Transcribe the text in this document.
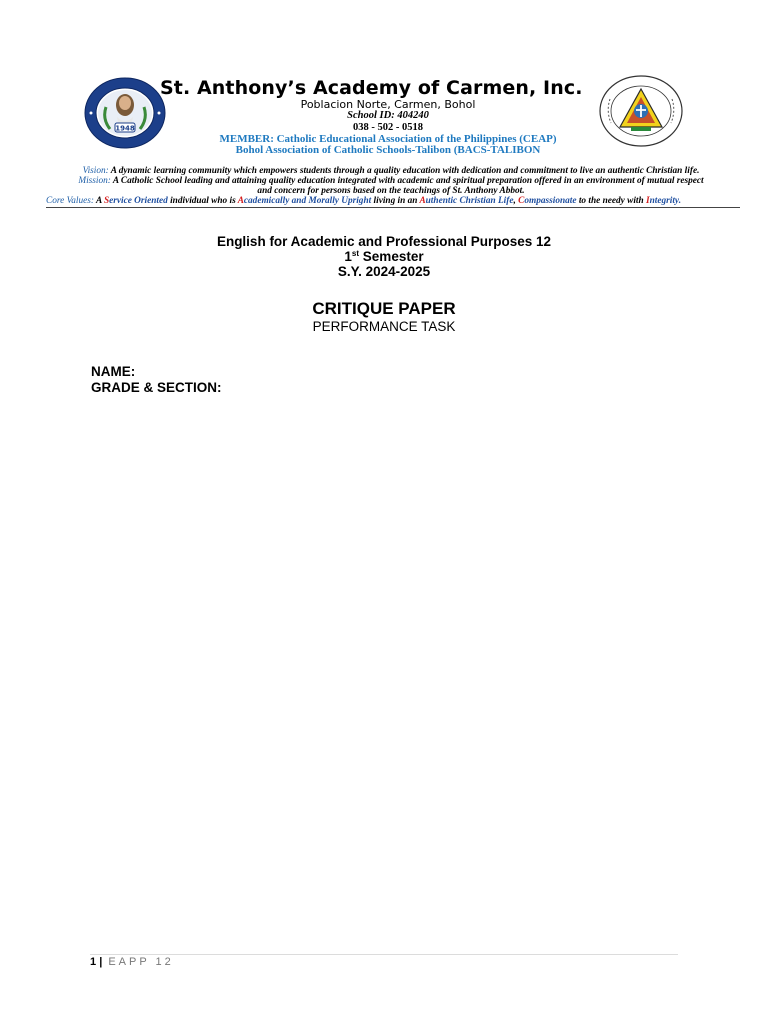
1948
St. Anthony’s Academy of Carmen, Inc.
Poblacion Norte, Carmen, Bohol
School ID: 404240
038 - 502 - 0518
MEMBER: Catholic Educational Association of the Philippines (CEAP)
Bohol Association of Catholic Schools-Talibon (BACS-TALIBON
Vision: A dynamic learning community which empowers students through a quality education with dedication and commitment to live an authentic Christian life.
Mission: A Catholic School leading and attaining quality education integrated with academic and spiritual preparation offered in an environment of mutual respect
and concern for persons based on the teachings of St. Anthony Abbot.
Core Values: A Service Oriented individual who is Academically and Morally Upright living in an Authentic Christian Life, Compassionate to the needy with Integrity.
English for Academic and Professional Purposes 12
1st Semester
S.Y. 2024-2025
CRITIQUE PAPER
PERFORMANCE TASK
NAME:
GRADE & SECTION:
1 | EAPP 12
